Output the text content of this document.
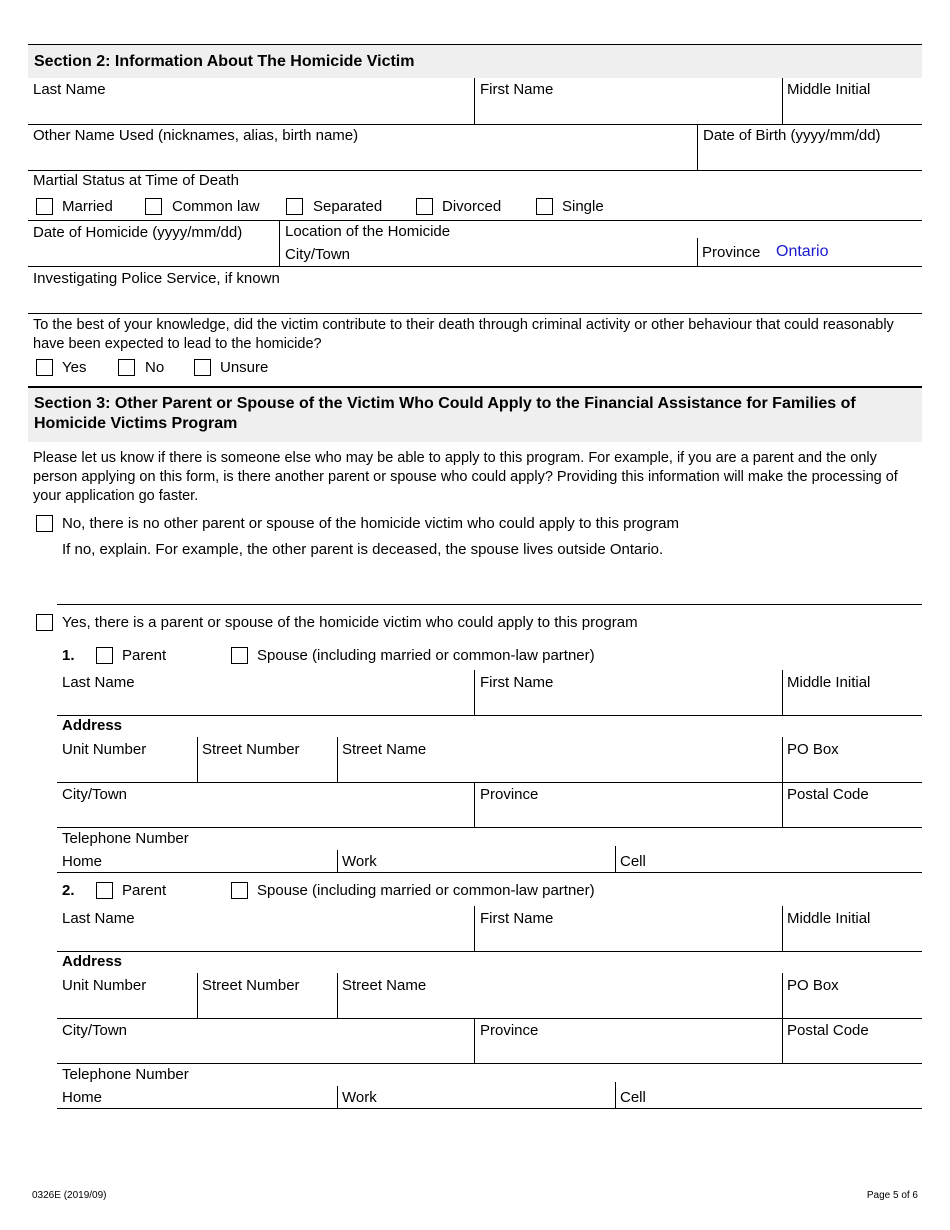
Section 2: Information About The Homicide Victim
Last Name	First Name	Middle Initial
Other Name Used (nicknames, alias, birth name)	Date of Birth (yyyy/mm/dd)
Martial Status at Time of Death
Married	Common law	Separated	Divorced	Single
Date of Homicide (yyyy/mm/dd)	Location of the Homicide
City/Town	Province Ontario
Investigating Police Service, if known
To the best of your knowledge, did the victim contribute to their death through criminal activity or other behaviour that could reasonably have been expected to lead to the homicide?
Yes	No	Unsure
Section 3: Other Parent or Spouse of the Victim Who Could Apply to the Financial Assistance for Families of Homicide Victims Program
Please let us know if there is someone else who may be able to apply to this program. For example, if you are a parent and the only person applying on this form, is there another parent or spouse who could apply? Providing this information will make the processing of your application go faster.
No, there is no other parent or spouse of the homicide victim who could apply to this program
If no, explain. For example, the other parent is deceased, the spouse lives outside Ontario.
Yes, there is a parent or spouse of the homicide victim who could apply to this program
1.	Parent	Spouse (including married or common-law partner)
Last Name	First Name	Middle Initial
Address
Unit Number	Street Number	Street Name	PO Box
City/Town	Province	Postal Code
Telephone Number
Home	Work	Cell
2.	Parent	Spouse (including married or common-law partner)
Last Name	First Name	Middle Initial
Address
Unit Number	Street Number	Street Name	PO Box
City/Town	Province	Postal Code
Telephone Number
Home	Work	Cell
0326E (2019/09)	Page 5 of 6
